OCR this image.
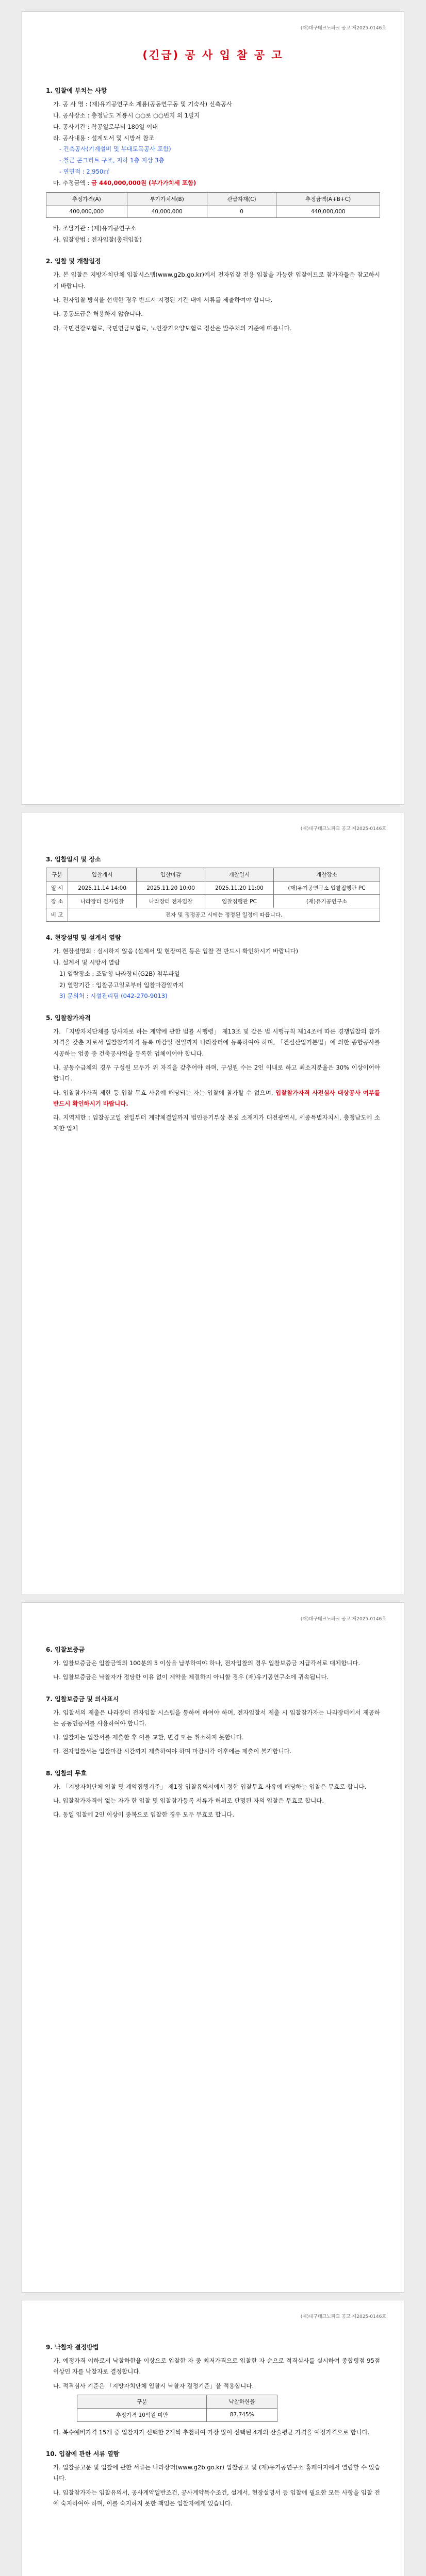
(재)대구테크노파크 공고 제2025-0146호
(긴급) 공 사 입 찰 공 고
1. 입찰에 부치는 사항

가. 공 사 명 : (재)유기공연구소 계룡(공동연구동 및 기숙사) 신축공사

나. 공사장소 : 충청남도 계룡시 ○○로 ○○번지 외 1필지

다. 공사기간 : 착공일로부터 180일 이내

라. 공사내용 : 설계도서 및 시방서 참조

- 건축공사(기계설비 및 부대토목공사 포함)

- 철근 콘크리트 구조, 지하 1층 지상 3층

- 연면적 : 2,950㎡

마. 추정금액 : 금 440,000,000원 (부가가치세 포함)

추정가격(A)	부가가치세(B)	관급자재(C)	추정금액(A+B+C)
400,000,000	40,000,000	0	440,000,000

바. 조달기관 : (재)유기공연구소

사. 입찰방법 : 전자입찰(총액입찰)

2. 입찰 및 개찰일정

가. 본 입찰은 지방자치단체 입찰시스템(www.g2b.go.kr)에서 전자입찰 전용 입찰을 가능한 입찰이므로 참가자들은 참고하시기 바랍니다.

나. 전자입찰 방식을 선택한 경우 반드시 지정된 기간 내에 서류를 제출하여야 합니다.

다. 공동도급은 허용하지 않습니다.

라. 국민건강보험료, 국민연금보험료, 노인장기요양보험료 정산은 발주처의 기준에 따릅니다.

(재)대구테크노파크 공고 제2025-0146호
3. 입찰일시 및 장소
구분	입찰개시	입찰마감	개찰일시	개찰장소
일 시	2025.11.14 14:00	2025.11.20 10:00	2025.11.20 11:00	(재)유기공연구소 입찰집행관 PC
장 소	나라장터 전자입찰	나라장터 전자입찰	입찰집행관 PC	(재)유기공연구소
비 고	전자 및 정정공고 시에는 정정된 일정에 따릅니다.			
4. 현장설명 및 설계서 열람

가. 현장설명회 : 실시하지 않음 (설계서 및 현장여건 등은 입찰 전 반드시 확인하시기 바랍니다)

나. 설계서 및 시방서 열람

1) 열람장소 : 조달청 나라장터(G2B) 첨부파일

2) 열람기간 : 입찰공고일로부터 입찰마감일까지

3) 문의처 : 시설관리팀 (042-270-9013)

5. 입찰참가자격

가. 「지방자치단체를 당사자로 하는 계약에 관한 법률 시행령」 제13조 및 같은 법 시행규칙 제14조에 따른 경쟁입찰의 참가자격을 갖춘 자로서 입찰참가자격 등록 마감일 전일까지 나라장터에 등록하여야 하며, 「건설산업기본법」에 의한 종합공사를 시공하는 업종 중 건축공사업을 등록한 업체이어야 합니다.

나. 공동수급체의 경우 구성원 모두가 위 자격을 갖추어야 하며, 구성원 수는 2인 이내로 하고 최소지분율은 30% 이상이어야 합니다.

다. 입찰참가자격 제한 등 입찰 무효 사유에 해당되는 자는 입찰에 참가할 수 없으며, 입찰참가자격 사전심사 대상공사 여부를 반드시 확인하시기 바랍니다.

라. 지역제한 : 입찰공고일 전일부터 계약체결일까지 법인등기부상 본점 소재지가 대전광역시, 세종특별자치시, 충청남도에 소재한 업체

(재)대구테크노파크 공고 제2025-0146호
6. 입찰보증금

가. 입찰보증금은 입찰금액의 100분의 5 이상을 납부하여야 하나, 전자입찰의 경우 입찰보증금 지급각서로 대체합니다.

나. 입찰보증금은 낙찰자가 정당한 이유 없이 계약을 체결하지 아니할 경우 (재)유기공연구소에 귀속됩니다.

7. 입찰보증금 및 의사표시

가. 입찰서의 제출은 나라장터 전자입찰 시스템을 통하여 하여야 하며, 전자입찰서 제출 시 입찰참가자는 나라장터에서 제공하는 공동인증서를 사용하여야 합니다.

나. 입찰자는 입찰서를 제출한 후 이를 교환, 변경 또는 취소하지 못합니다.

다. 전자입찰서는 입찰마감 시간까지 제출하여야 하며 마감시각 이후에는 제출이 불가합니다.

8. 입찰의 무효

가. 「지방자치단체 입찰 및 계약집행기준」 제1장 입찰유의서에서 정한 입찰무효 사유에 해당하는 입찰은 무효로 합니다.

나. 입찰참가자격이 없는 자가 한 입찰 및 입찰참가등록 서류가 허위로 판명된 자의 입찰은 무효로 합니다.

다. 동일 입찰에 2인 이상이 중복으로 입찰한 경우 모두 무효로 합니다.

(재)대구테크노파크 공고 제2025-0146호
9. 낙찰자 결정방법

가. 예정가격 이하로서 낙찰하한율 이상으로 입찰한 자 중 최저가격으로 입찰한 자 순으로 적격심사를 실시하여 종합평점 95점 이상인 자를 낙찰자로 결정합니다.

나. 적격심사 기준은 「지방자치단체 입찰시 낙찰자 결정기준」을 적용합니다.

구분	낙찰하한율
추정가격 10억원 미만	87.745%

다. 복수예비가격 15개 중 입찰자가 선택한 2개씩 추첨하여 가장 많이 선택된 4개의 산술평균 가격을 예정가격으로 합니다.

10. 입찰에 관한 서류 열람

가. 입찰공고문 및 입찰에 관한 서류는 나라장터(www.g2b.go.kr) 입찰공고 및 (재)유기공연구소 홈페이지에서 열람할 수 있습니다.

나. 입찰참가자는 입찰유의서, 공사계약일반조건, 공사계약특수조건, 설계서, 현장설명서 등 입찰에 필요한 모든 사항을 입찰 전에 숙지하여야 하며, 이를 숙지하지 못한 책임은 입찰자에게 있습니다.
